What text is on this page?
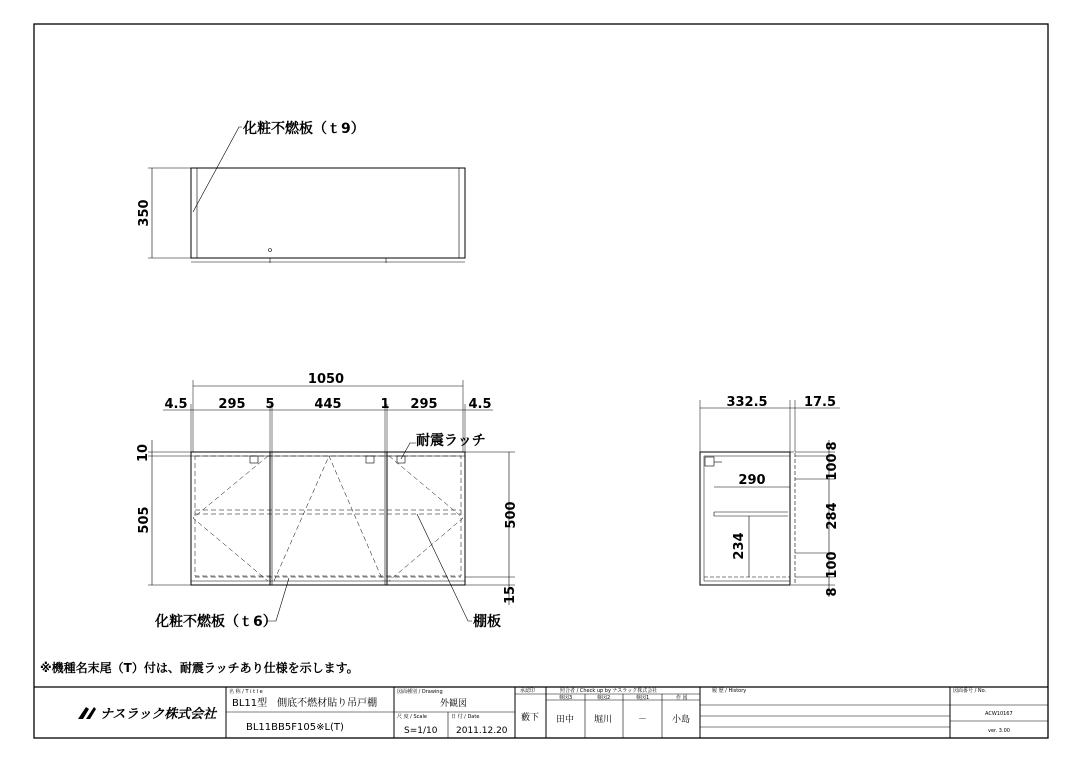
化粧不燃板（ｔ9）
350
1050
4.5 295 5	445	1 295 4.5
耐震ラッチ
10
505	500
15
化粧不燃板（ｔ6）	棚板
332.5	17.5
290
234
8
100
284
100
8
※機種名末尾（T）付は、耐震ラッチあり仕様を示します。
ナスラック株式会社
名 称 / T i t l e
BL11型　側底不燃材貼り吊戸棚
BL11BB5F105※L(T)
図面種別 / Drawing
外観図
尺 度 / Scale
S=1/10
日 付 / Date
2011.12.20
承認印
藪下
照合者 / Check up by ナスラック株式会社
検図3	検図2	検図1	作 図
田中 堀川	－	小島
履 歴 / History	図面番号 / No.
ACW10167
ver. 3.00
